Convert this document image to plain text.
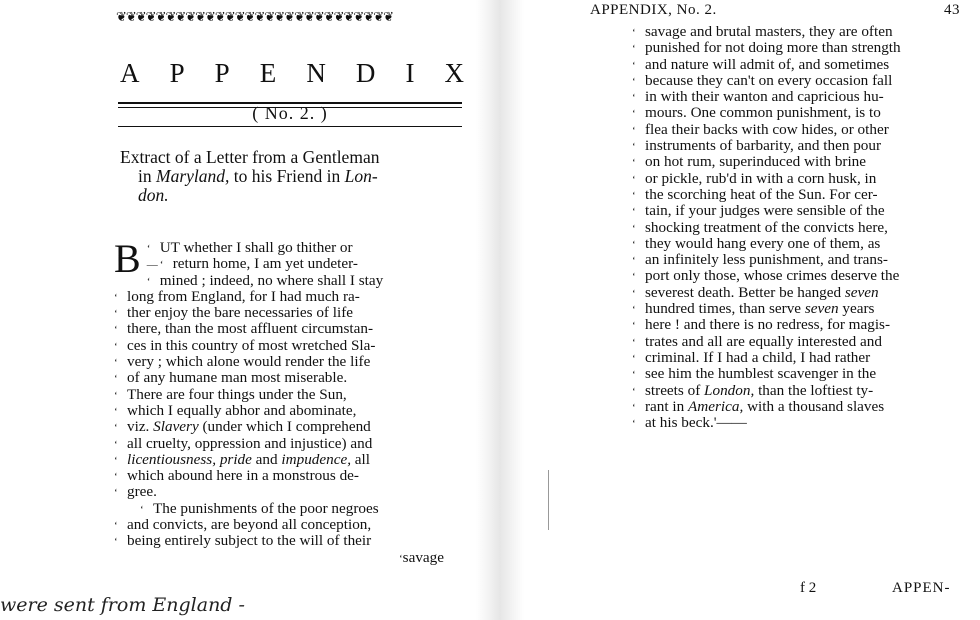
❦❦❦❦❦❦❦❦❦❦❦❦❦❦❦❦❦❦❦❦❦❦❦❦❦❦❦❦
A P P E N D I X
( No. 2. )
Extract of a Letter from a Gentleman
in Maryland, to his Friend in Lon-
don.
‘
B UT whether I shall go thither or
— ‘ return home, I am yet undeter-
‘ mined ; indeed, no where shall I stay
‘ long from England, for I had much ra-
‘ ther enjoy the bare necessaries of life
‘ there, than the most affluent circumstan-
‘ ces in this country of most wretched Sla-
‘ very ; which alone would render the life
‘ of any humane man most miserable.
‘ There are four things under the Sun,
‘ which I equally abhor and abominate,
‘ viz. Slavery (under which I comprehend
‘ all cruelty, oppression and injustice) and
‘ licentiousness, pride and impudence, all
‘ which abound here in a monstrous de-
‘ gree.
‘ The punishments of the poor negroes
‘ and convicts, are beyond all conception,
‘ being entirely subject to the will of their
‘savage
were sent from England -
APPENDIX, No. 2.	43
‘ savage and brutal masters, they are often
‘ punished for not doing more than strength
‘ and nature will admit of, and sometimes
‘ because they can't on every occasion fall
‘ in with their wanton and capricious hu-
‘ mours. One common punishment, is to
‘ flea their backs with cow hides, or other
‘ instruments of barbarity, and then pour
‘ on hot rum, superinduced with brine
‘ or pickle, rub'd in with a corn husk, in
‘ the scorching heat of the Sun. For cer-
‘ tain, if your judges were sensible of the
‘ shocking treatment of the convicts here,
‘ they would hang every one of them, as
‘ an infinitely less punishment, and trans-
‘ port only those, whose crimes deserve the
‘ severest death. Better be hanged seven
‘ hundred times, than serve seven years
‘ here ! and there is no redress, for magis-
‘ trates and all are equally interested and
‘ criminal. If I had a child, I had rather
‘ see him the humblest scavenger in the
‘ streets of London, than the loftiest ty-
‘ rant in America, with a thousand slaves
‘ at his beck.'——
f 2	APPEN-
